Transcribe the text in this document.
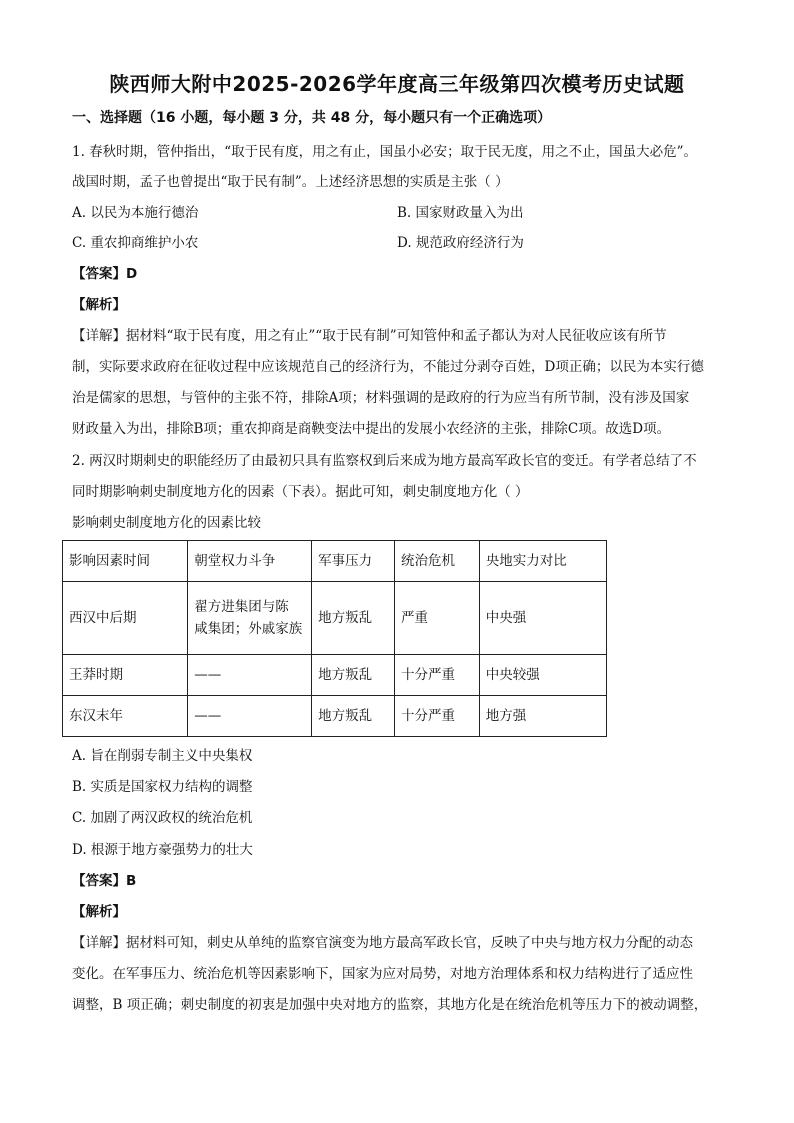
陕西师大附中2025-2026学年度高三年级第四次模考历史试题
一、选择题（16 小题，每小题 3 分，共 48 分，每小题只有一个正确选项）
1. 春秋时期，管仲指出，“取于民有度，用之有止，国虽小必安；取于民无度，用之不止，国虽大必危”。
战国时期，孟子也曾提出“取于民有制”。上述经济思想的实质是主张（ ）
A. 以民为本施行德治	B. 国家财政量入为出
C. 重农抑商维护小农	D. 规范政府经济行为
【答案】D
【解析】
【详解】据材料“取于民有度，用之有止”“取于民有制”可知管仲和孟子都认为对人民征收应该有所节
制，实际要求政府在征收过程中应该规范自己的经济行为，不能过分剥夺百姓，D项正确；以民为本实行德
治是儒家的思想，与管仲的主张不符，排除A项；材料强调的是政府的行为应当有所节制，没有涉及国家
财政量入为出，排除B项；重农抑商是商鞅变法中提出的发展小农经济的主张，排除C项。故选D项。
2. 两汉时期刺史的职能经历了由最初只具有监察权到后来成为地方最高军政长官的变迁。有学者总结了不
同时期影响刺史制度地方化的因素（下表）。据此可知，刺史制度地方化（ ）
影响刺史制度地方化的因素比较
影响因素时间	朝堂权力斗争	军事压力	统治危机	央地实力对比
西汉中后期	翟方进集团与陈
咸集团；外戚家族	地方叛乱	严重	中央强
王莽时期	——	地方叛乱	十分严重	中央较强
东汉末年	——	地方叛乱	十分严重	地方强
A. 旨在削弱专制主义中央集权
B. 实质是国家权力结构的调整
C. 加剧了两汉政权的统治危机
D. 根源于地方豪强势力的壮大
【答案】B
【解析】
【详解】据材料可知，刺史从单纯的监察官演变为地方最高军政长官，反映了中央与地方权力分配的动态
变化。在军事压力、统治危机等因素影响下，国家为应对局势，对地方治理体系和权力结构进行了适应性
调整，B 项正确；刺史制度的初衷是加强中央对地方的监察，其地方化是在统治危机等压力下的被动调整，
